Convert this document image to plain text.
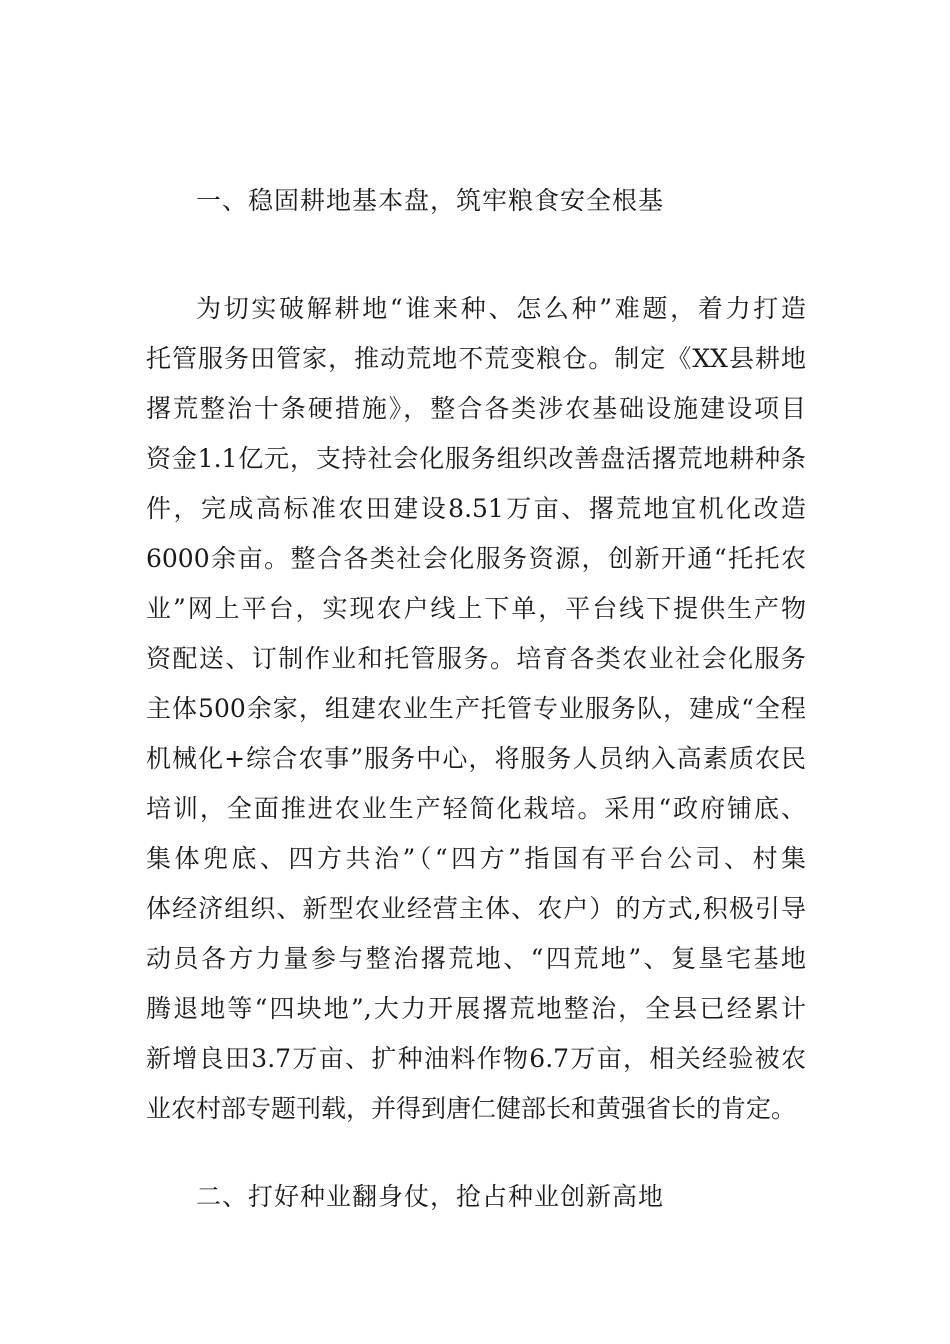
一、稳固耕地基本盘，筑牢粮食安全根基
为切实破解耕地“谁来种、怎么种”难题，着力打造
托管服务田管家，推动荒地不荒变粮仓。制定《XX县耕地
撂荒整治十条硬措施》，整合各类涉农基础设施建设项目
资金1.1亿元，支持社会化服务组织改善盘活撂荒地耕种条
件，完成高标准农田建设8.51万亩、撂荒地宜机化改造
6000余亩。整合各类社会化服务资源，创新开通“托托农
业”网上平台，实现农户线上下单，平台线下提供生产物
资配送、订制作业和托管服务。培育各类农业社会化服务
主体500余家，组建农业生产托管专业服务队，建成“全程
机械化+综合农事”服务中心，将服务人员纳入高素质农民
培训，全面推进农业生产轻简化栽培。采用“政府铺底、
集体兜底、四方共治”（“四方”指国有平台公司、村集
体经济组织、新型农业经营主体、农户）的方式,积极引导
动员各方力量参与整治撂荒地、“四荒地”、复垦宅基地
腾退地等“四块地”,大力开展撂荒地整治，全县已经累计
新增良田3.7万亩、扩种油料作物6.7万亩，相关经验被农
业农村部专题刊载，并得到唐仁健部长和黄强省长的肯定。
二、打好种业翻身仗，抢占种业创新高地
